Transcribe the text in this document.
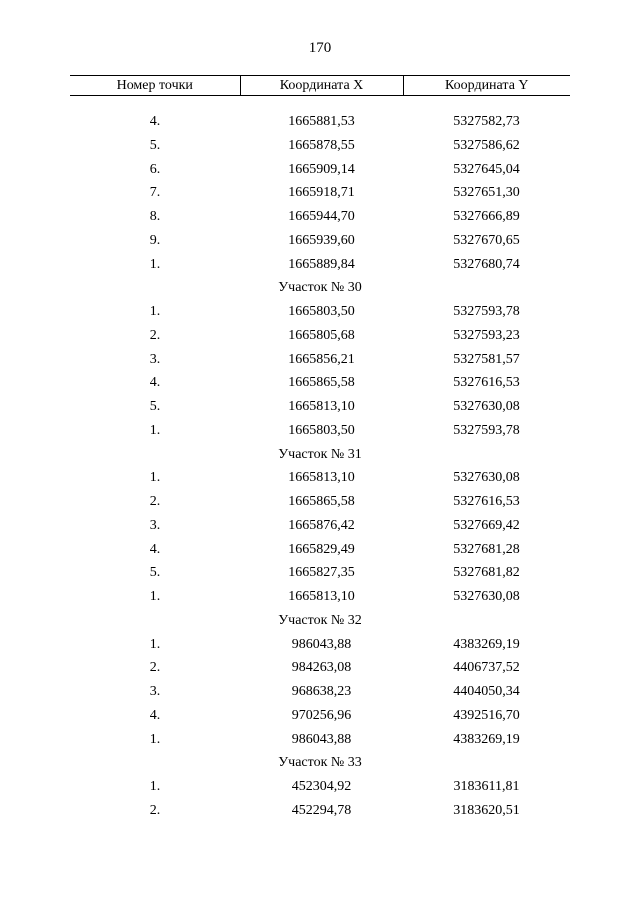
170
Номер точки	Координата X	Координата Y

4.	1665881,53	5327582,73
5.	1665878,55	5327586,62
6.	1665909,14	5327645,04
7.	1665918,71	5327651,30
8.	1665944,70	5327666,89
9.	1665939,60	5327670,65
1.	1665889,84	5327680,74
Участок № 30		
1.	1665803,50	5327593,78
2.	1665805,68	5327593,23
3.	1665856,21	5327581,57
4.	1665865,58	5327616,53
5.	1665813,10	5327630,08
1.	1665803,50	5327593,78
Участок № 31		
1.	1665813,10	5327630,08
2.	1665865,58	5327616,53
3.	1665876,42	5327669,42
4.	1665829,49	5327681,28
5.	1665827,35	5327681,82
1.	1665813,10	5327630,08
Участок № 32		
1.	986043,88	4383269,19
2.	984263,08	4406737,52
3.	968638,23	4404050,34
4.	970256,96	4392516,70
1.	986043,88	4383269,19
Участок № 33		
1.	452304,92	3183611,81
2.	452294,78	3183620,51
